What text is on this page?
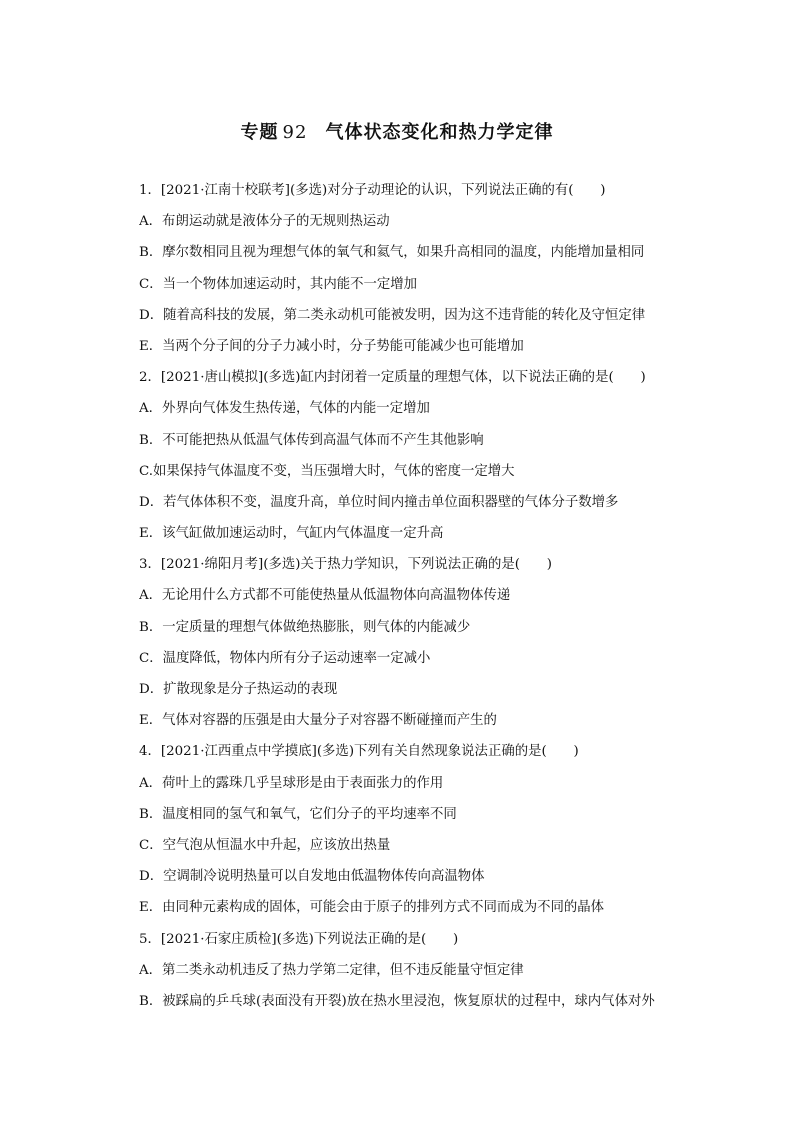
专题 92 气体状态变化和热力学定律
1．[2021·江南十校联考](多选)对分子动理论的认识，下列说法正确的有(　　)
A．布朗运动就是液体分子的无规则热运动
B．摩尔数相同且视为理想气体的氧气和氦气，如果升高相同的温度，内能增加量相同
C．当一个物体加速运动时，其内能不一定增加
D．随着高科技的发展，第二类永动机可能被发明，因为这不违背能的转化及守恒定律
E．当两个分子间的分子力减小时，分子势能可能减少也可能增加
2．[2021·唐山模拟](多选)缸内封闭着一定质量的理想气体，以下说法正确的是(　　)
A．外界向气体发生热传递，气体的内能一定增加
B．不可能把热从低温气体传到高温气体而不产生其他影响
C.如果保持气体温度不变，当压强增大时，气体的密度一定增大
D．若气体体积不变，温度升高，单位时间内撞击单位面积器壁的气体分子数增多
E．该气缸做加速运动时，气缸内气体温度一定升高
3．[2021·绵阳月考](多选)关于热力学知识，下列说法正确的是(　　)
A．无论用什么方式都不可能使热量从低温物体向高温物体传递
B．一定质量的理想气体做绝热膨胀，则气体的内能减少
C．温度降低，物体内所有分子运动速率一定减小
D．扩散现象是分子热运动的表现
E．气体对容器的压强是由大量分子对容器不断碰撞而产生的
4．[2021·江西重点中学摸底](多选)下列有关自然现象说法正确的是(　　)
A．荷叶上的露珠几乎呈球形是由于表面张力的作用
B．温度相同的氢气和氧气，它们分子的平均速率不同
C．空气泡从恒温水中升起，应该放出热量
D．空调制冷说明热量可以自发地由低温物体传向高温物体
E．由同种元素构成的固体，可能会由于原子的排列方式不同而成为不同的晶体
5．[2021·石家庄质检](多选)下列说法正确的是(　　)
A．第二类永动机违反了热力学第二定律，但不违反能量守恒定律
B．被踩扁的乒乓球(表面没有开裂)放在热水里浸泡，恢复原状的过程中，球内气体对外
